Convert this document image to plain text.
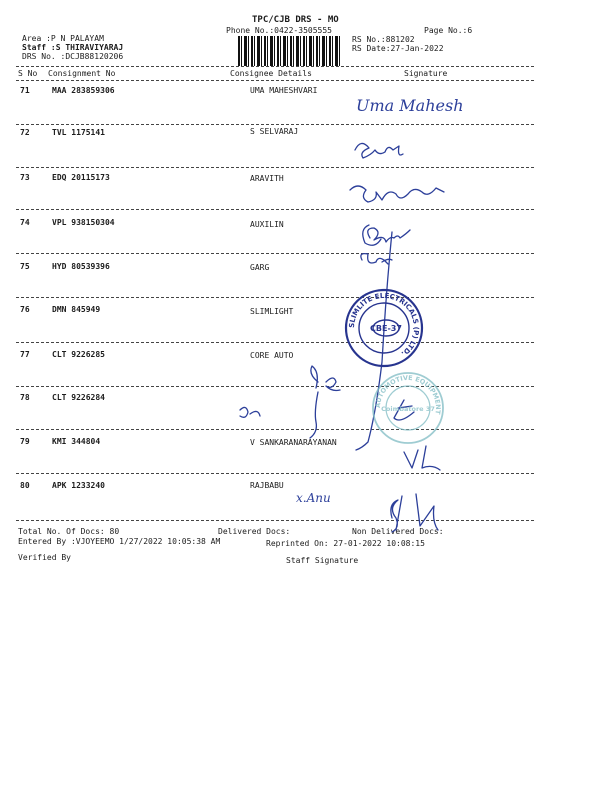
TPC/CJB DRS - MO
Phone No.:0422-3505555	Page No.:6
Area :P N PALAYAM
Staff :S THIRAVIYARAJ
DRS No. :DCJB88120206
RS No.:881202
RS Date:27-Jan-2022
S No Consignment No	Consignee Details	Signature
71	MAA 283859306	UMA MAHESHVARI
72	TVL 1175141	S SELVARAJ
73	EDQ 20115173	ARAVITH
74	VPL 938150304	AUXILIN
75	HYD 80539396	GARG
76	DMN 845949	SLIMLIGHT
77	CLT 9226285	CORE AUTO
78	CLT 9226284
79	KMI 344804	V SANKARANARAYANAN
80	APK 1233240	RAJBABU
Total No. Of Docs: 80	Delivered Docs:	Non Delivered Docs:
Entered By :VJOYEEMO 1/27/2022 10:05:38 AM	Reprinted On: 27-01-2022 10:08:15
Verified By	Staff Signature
Uma Mahesh
x.Anu
SLIMLITE ELECTRICALS (P) LTD.
CBE-37
AUTOMOTIVE EQUIPMENT
Coimbatore 37
